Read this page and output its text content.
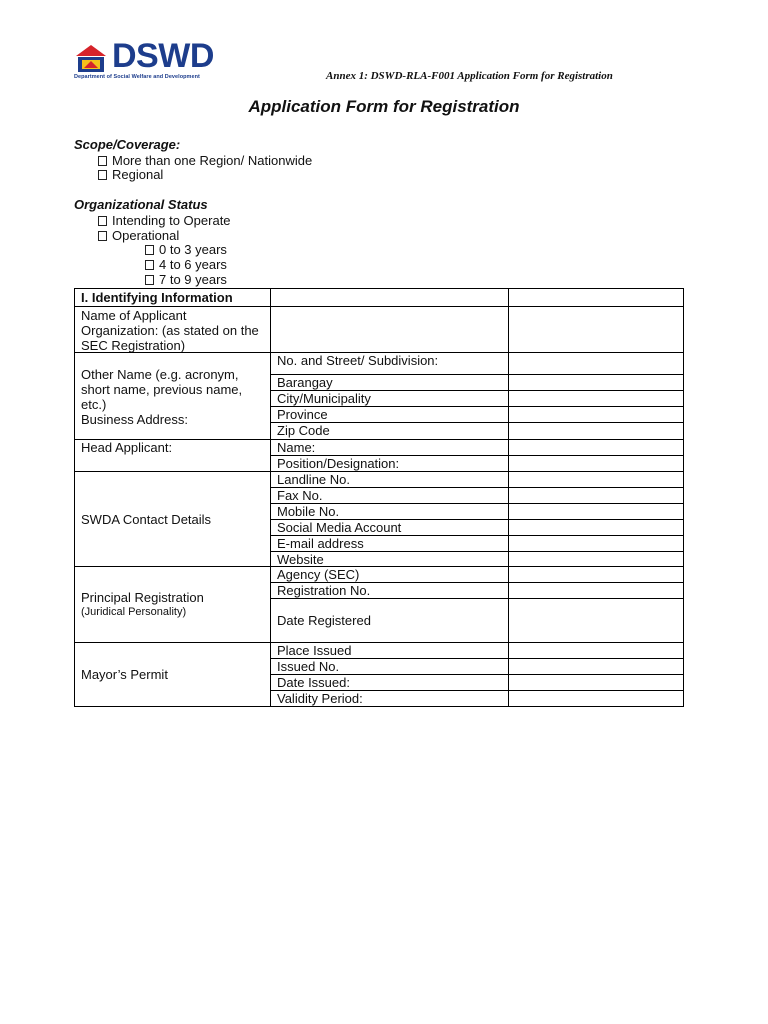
DSWD
Department of Social Welfare and Development	Annex 1: DSWD-RLA-F001 Application Form for Registration
Application Form for Registration
Scope/Coverage:
More than one Region/ Nationwide
Regional
Organizational Status
Intending to Operate
Operational
0 to 3 years
4 to 6 years
7 to 9 years
I. Identifying Information
Name of Applicant Organization: (as stated on the SEC Registration)
Other Name (e.g. acronym, short name, previous name, etc.)
Business Address:
No. and Street/ Subdivision:
Barangay
City/Municipality
Province
Zip Code
Head Applicant:	Name:
Position/Designation:
SWDA Contact Details
Landline No.
Fax No.
Mobile No.
Social Media Account
E-mail address
Website
Principal Registration
(Juridical Personality)
Agency (SEC)
Registration No.
Date Registered
Mayor’s Permit
Place Issued
Issued No.
Date Issued:
Validity Period:
